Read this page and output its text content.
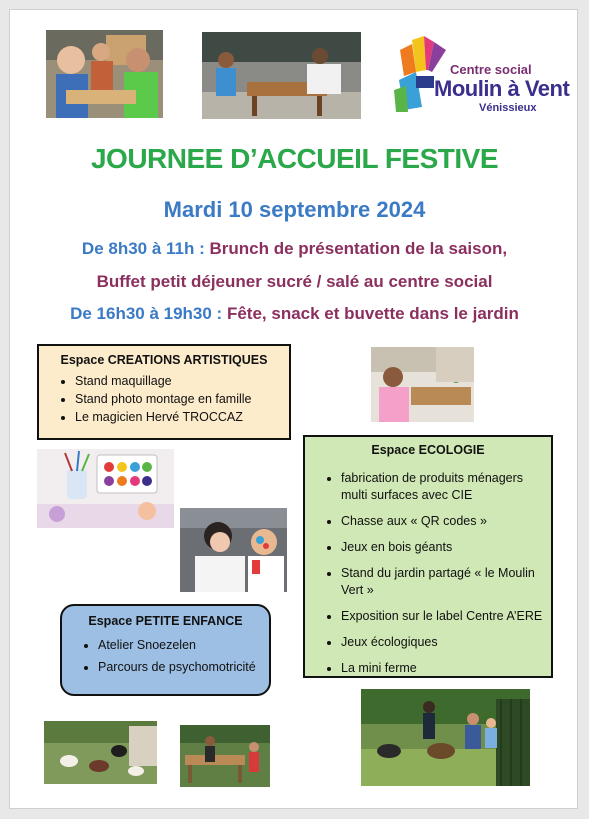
Centre social
Moulin à Vent
Vénissieux
JOURNEE D’ACCUEIL FESTIVE
Mardi 10 septembre 2024
De 8h30 à 11h : Brunch de présentation de la saison,
Buffet petit déjeuner sucré / salé au centre social
De 16h30 à 19h30 : Fête, snack et buvette dans le jardin
Espace CREATIONS ARTISTIQUES
• Stand maquillage
• Stand photo montage en famille
• Le magicien Hervé TROCCAZ
Espace ECOLOGIE
• fabrication de produits ménagers multi surfaces avec CIE
• Chasse aux « QR codes »
• Jeux en bois géants
• Stand du jardin partagé « le Moulin Vert »
• Exposition sur le label Centre A’ERE
• Jeux écologiques
• La mini ferme
Espace PETITE ENFANCE
• Atelier Snoezelen
• Parcours de psychomotricité
